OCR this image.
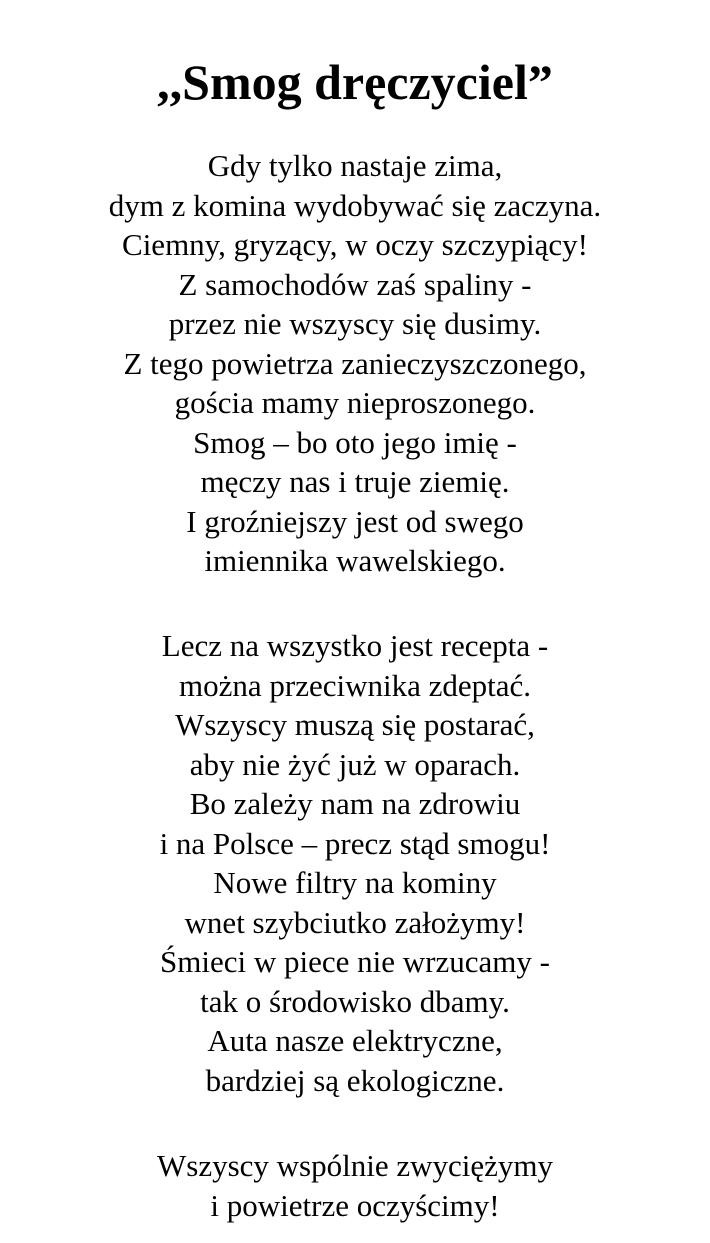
,,Smog dręczyciel”
Gdy tylko nastaje zima,
dym z komina wydobywać się zaczyna.
Ciemny, gryzący, w oczy szczypiący!
Z samochodów zaś spaliny -
przez nie wszyscy się dusimy.
Z tego powietrza zanieczyszczonego,
gościa mamy nieproszonego.
Smog – bo oto jego imię -
męczy nas i truje ziemię.
I groźniejszy jest od swego
imiennika wawelskiego.
Lecz na wszystko jest recepta -
można przeciwnika zdeptać.
Wszyscy muszą się postarać,
aby nie żyć już w oparach.
Bo zależy nam na zdrowiu
i na Polsce – precz stąd smogu!
Nowe filtry na kominy
wnet szybciutko założymy!
Śmieci w piece nie wrzucamy -
tak o środowisko dbamy.
Auta nasze elektryczne,
bardziej są ekologiczne.
Wszyscy wspólnie zwyciężymy
i powietrze oczyścimy!
